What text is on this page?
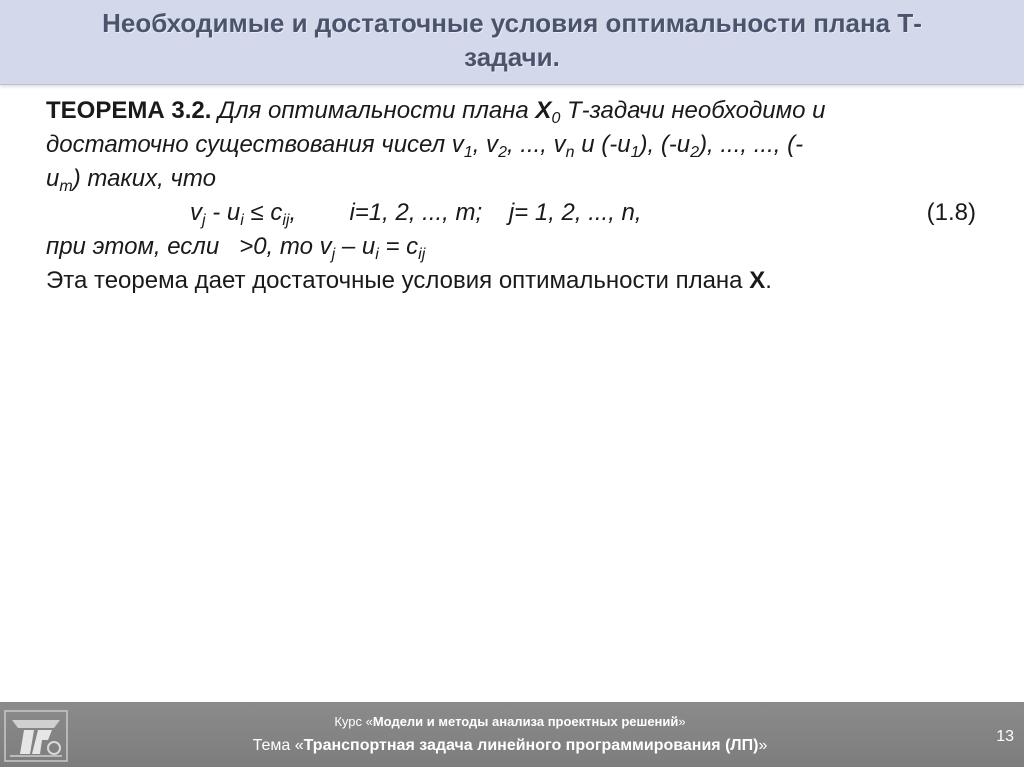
Необходимые и достаточные условия оптимальности плана Т-
задачи.
ТЕОРЕМА 3.2. Для оптимальности плана $X_0$ Т-задачи необходимо и
достаточно существования чисел $v_1$, $v_2$, ..., $v_n$ и $(-u_1)$, $(-u_2)$, ..., ..., (-
$u_m$) таких, что
$v_j - u_i \le c_{ij}$,        i=1, 2, ..., m;    j= 1, 2, ..., n,	(1.8)
при этом, если   >0, то $v_j - u_i = c_{ij}$
Эта теорема дает достаточные условия оптимальности плана X.
Курс «Модели и методы анализа проектных решений»
Тема «Транспортная задача линейного программирования (ЛП)»
13
